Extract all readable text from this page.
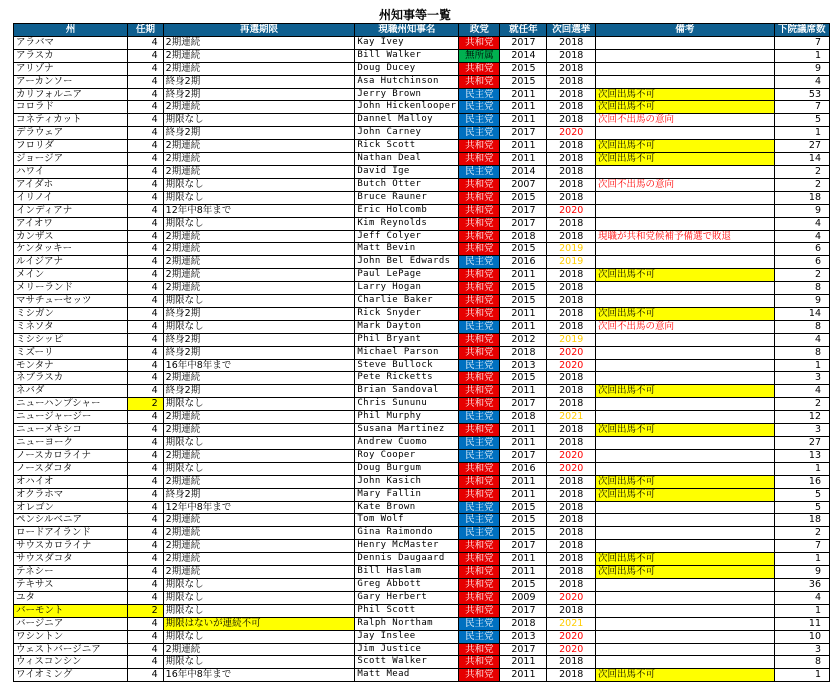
州知事等一覧
州	任期	再選期限	現職州知事名	政党	就任年	次回選挙	備考	下院議席数
アラバマ	4	2期連続	Kay Ivey	共和党	2017	2018		7
アラスカ	4	2期連続	Bill Walker	無所属	2014	2018		1
アリゾナ	4	2期連続	Doug Ducey	共和党	2015	2018		9
アーカンソー	4	終身2期	Asa Hutchinson	共和党	2015	2018		4
カリフォルニア	4	終身2期	Jerry Brown	民主党	2011	2018	次回出馬不可	53
コロラド	4	2期連続	John Hickenlooper	民主党	2011	2018	次回出馬不可	7
コネティカット	4	期限なし	Dannel Malloy	民主党	2011	2018	次回不出馬の意向	5
デラウェア	4	終身2期	John Carney	民主党	2017	2020		1
フロリダ	4	2期連続	Rick Scott	共和党	2011	2018	次回出馬不可	27
ジョージア	4	2期連続	Nathan Deal	共和党	2011	2018	次回出馬不可	14
ハワイ	4	2期連続	David Ige	民主党	2014	2018		2
アイダホ	4	期限なし	Butch Otter	共和党	2007	2018	次回不出馬の意向	2
イリノイ	4	期限なし	Bruce Rauner	共和党	2015	2018		18
インディアナ	4	12年中8年まで	Eric Holcomb	共和党	2017	2020		9
アイオワ	4	期限なし	Kim Reynolds	共和党	2017	2018		4
カンザス	4	2期連続	Jeff Colyer	共和党	2018	2018	現職が共和党候補予備選で敗退	4
ケンタッキー	4	2期連続	Matt Bevin	共和党	2015	2019		6
ルイジアナ	4	2期連続	John Bel Edwards	民主党	2016	2019		6
メイン	4	2期連続	Paul LePage	共和党	2011	2018	次回出馬不可	2
メリーランド	4	2期連続	Larry Hogan	共和党	2015	2018		8
マサチューセッツ	4	期限なし	Charlie Baker	共和党	2015	2018		9
ミシガン	4	終身2期	Rick Snyder	共和党	2011	2018	次回出馬不可	14
ミネソタ	4	期限なし	Mark Dayton	民主党	2011	2018	次回不出馬の意向	8
ミシシッピ	4	終身2期	Phil Bryant	共和党	2012	2019		4
ミズーリ	4	終身2期	Michael Parson	共和党	2018	2020		8
モンタナ	4	16年中8年まで	Steve Bullock	民主党	2013	2020		1
ネブラスカ	4	2期連続	Pete Ricketts	共和党	2015	2018		3
ネバダ	4	終身2期	Brian Sandoval	共和党	2011	2018	次回出馬不可	4
ニューハンプシャー	2	期限なし	Chris Sununu	共和党	2017	2018		2
ニュージャージー	4	2期連続	Phil Murphy	民主党	2018	2021		12
ニューメキシコ	4	2期連続	Susana Martinez	共和党	2011	2018	次回出馬不可	3
ニューヨーク	4	期限なし	Andrew Cuomo	民主党	2011	2018		27
ノースカロライナ	4	2期連続	Roy Cooper	民主党	2017	2020		13
ノースダコタ	4	期限なし	Doug Burgum	共和党	2016	2020		1
オハイオ	4	2期連続	John Kasich	共和党	2011	2018	次回出馬不可	16
オクラホマ	4	終身2期	Mary Fallin	共和党	2011	2018	次回出馬不可	5
オレゴン	4	12年中8年まで	Kate Brown	民主党	2015	2018		5
ペンシルベニア	4	2期連続	Tom Wolf	民主党	2015	2018		18
ロードアイランド	4	2期連続	Gina Raimondo	民主党	2015	2018		2
サウスカロライナ	4	2期連続	Henry McMaster	共和党	2017	2018		7
サウスダコタ	4	2期連続	Dennis Daugaard	共和党	2011	2018	次回出馬不可	1
テネシー	4	2期連続	Bill Haslam	共和党	2011	2018	次回出馬不可	9
テキサス	4	期限なし	Greg Abbott	共和党	2015	2018		36
ユタ	4	期限なし	Gary Herbert	共和党	2009	2020		4
バーモント	2	期限なし	Phil Scott	共和党	2017	2018		1
バージニア	4	期限はないが連続不可	Ralph Northam	民主党	2018	2021		11
ワシントン	4	期限なし	Jay Inslee	民主党	2013	2020		10
ウェストバージニア	4	2期連続	Jim Justice	共和党	2017	2020		3
ウィスコンシン	4	期限なし	Scott Walker	共和党	2011	2018		8
ワイオミング	4	16年中8年まで	Matt Mead	共和党	2011	2018	次回出馬不可	1
